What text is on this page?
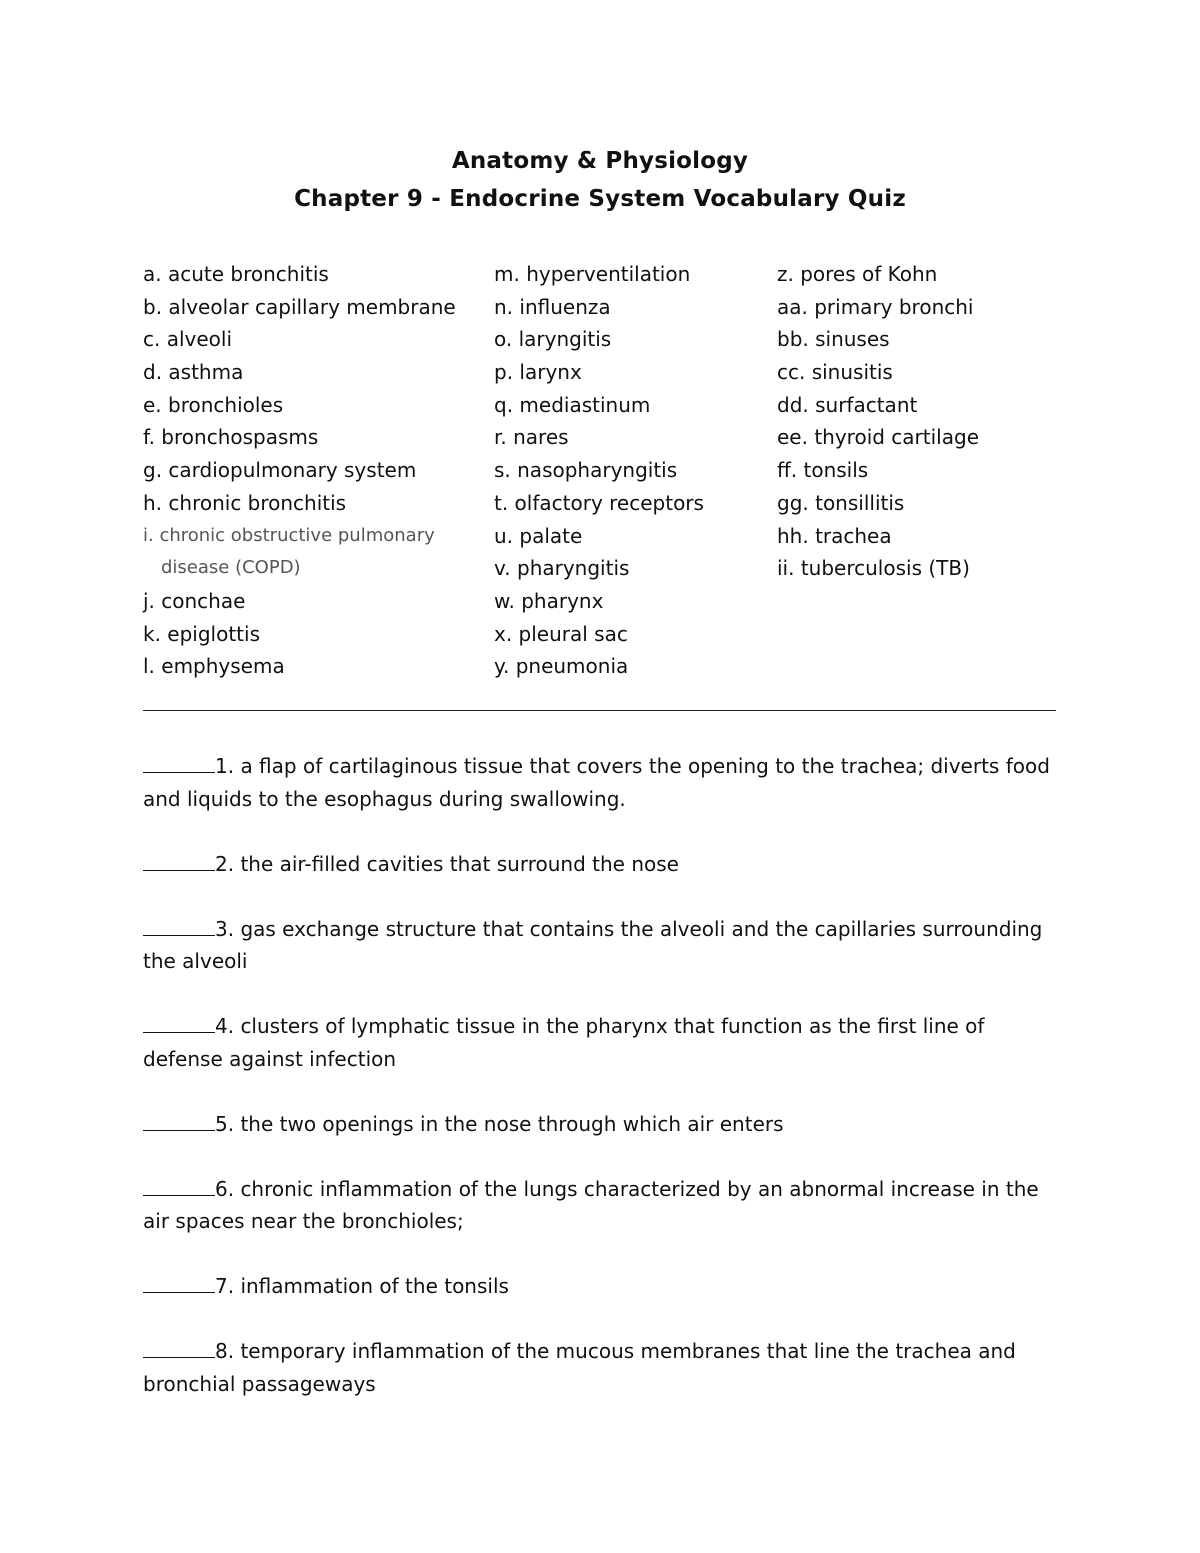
Anatomy & Physiology
Chapter 9 - Endocrine System Vocabulary Quiz
a. acute bronchitis
b. alveolar capillary membrane
c. alveoli
d. asthma
e. bronchioles
f. bronchospasms
g. cardiopulmonary system
h. chronic bronchitis
i. chronic obstructive pulmonary
disease (COPD)
j. conchae
k. epiglottis
l. emphysema
m. hyperventilation
n. influenza
o. laryngitis
p. larynx
q. mediastinum
r. nares
s. nasopharyngitis
t. olfactory receptors
u. palate
v. pharyngitis
w. pharynx
x. pleural sac
y. pneumonia
z. pores of Kohn
aa. primary bronchi
bb. sinuses
cc. sinusitis
dd. surfactant
ee. thyroid cartilage
ff. tonsils
gg. tonsillitis
hh. trachea
ii. tuberculosis (TB)
1. a flap of cartilaginous tissue that covers the opening to the trachea; diverts food and liquids to the esophagus during swallowing.
2. the air-filled cavities that surround the nose
3. gas exchange structure that contains the alveoli and the capillaries surrounding the alveoli
4. clusters of lymphatic tissue in the pharynx that function as the first line of defense against infection
5. the two openings in the nose through which air enters
6. chronic inflammation of the lungs characterized by an abnormal increase in the air spaces near the bronchioles;
7. inflammation of the tonsils
8. temporary inflammation of the mucous membranes that line the trachea and bronchial passageways
